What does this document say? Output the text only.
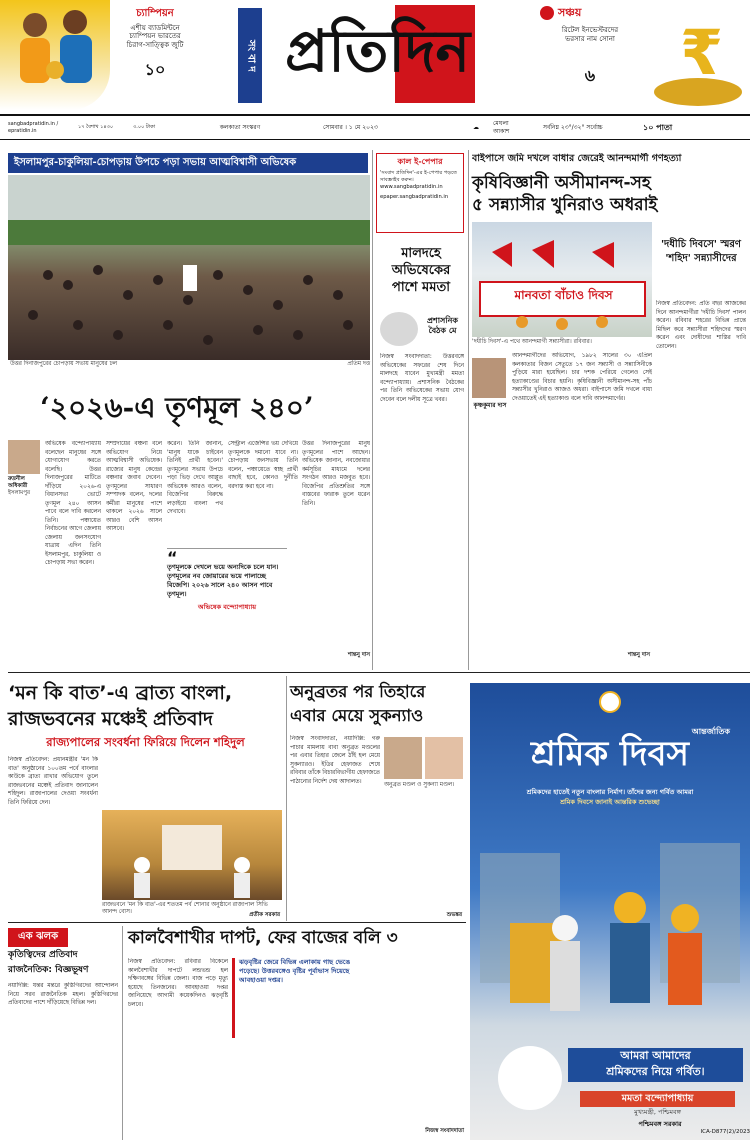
চ্যাম্পিয়ন
এশীয় ব্যাডমিন্টনে
চ্যাম্পিয়ন ভারতের
চিরাগ-সাত্ত্বিক জুটি
১০	সং বা দ প্রতিদিন
সঞ্চয়
রিটেল ইনভেস্টরদের
ভরসার নাম সোনা
৬	₹
sangbadpratidin.in / epratidin.in
১৭ বৈশাখ ১৪৩০	৩.০০ টাকা	কলকাতা সংস্করণ	সোমবার । ১ মে ২০২৩	☁
মেঘলা আকাশ
সর্বনিম্ন ২৩°/৩২° সর্বোচ্চ	১০ পাতা
ইসলামপুর-চাকুলিয়া-চোপড়ায় উপচে পড়া সভায় আত্মবিশ্বাসী অভিষেক
উত্তর দিনাজপুরের চোপড়ায় সভায় মানুষের ঢল	প্রতিম দত্ত
‘২০২৬-এ তৃণমূল ২৪০’
রুদ্রনীল অধিকারী
ইসলামপুর
অভিষেক বন্দ্যোপাধ্যায় বলেছেন মানুষের সঙ্গে যোগাযোগ করতে বলেছি। উত্তর দিনাজপুরের মাটিতে দাঁড়িয়ে ২০২৬-এ বিধানসভা ভোটে তৃণমূল ২৪০ আসন পাবে বলে দাবি করলেন তিনি। পঞ্চায়েত নির্বাচনের আগে জেলায় জেলায় জনসংযোগ যাত্রায় এদিন তিনি ইসলামপুর, চাকুলিয়া ও চোপড়ায় সভা করেন।
সম্প্রদায়ের বঞ্চনা বলে অভিযোগ নিয়ে আত্মবিশ্বাসী অভিষেক। রাজ্যের মানুষ কেন্দ্রের বঞ্চনার জবাব দেবেন। তৃণমূলের সাধারণ সম্পাদক বলেন, দলের কর্মীরা মানুষের পাশে থাকলে ২০২৬ সালে আরও বেশি আসন আসবে।
করেন। তিনি জানান, 'মানুষ যাকে চাইবেন তিনিই প্রার্থী হবেন।' তৃণমূলের সভায় উপচে পড়া ভিড় দেখে আপ্লুত অভিষেক আরও বলেন, বিজেপির বিরুদ্ধে লড়াইয়ে বাংলা পথ দেখাবে।
সেন্ট্রাল এজেন্সির ভয় দেখিয়ে তৃণমূলকে দমানো যাবে না। চোপড়ায় জনসভায় তিনি বলেন, পঞ্চায়েতে স্বচ্ছ প্রার্থী বাছাই হবে, কোনও দুর্নীতি বরদাস্ত করা হবে না।
উত্তর দিনাজপুরের মানুষ তৃণমূলের পাশে আছেন। অভিষেক জানান, নবজোয়ার কর্মসূচির মাধ্যমে দলের সংগঠন আরও মজবুত হবে। বিজেপির প্রতিশ্রুতির সঙ্গে বাস্তবের ফারাক তুলে ধরেন তিনি।
“
তৃণমূলকে দেখলে ভয়ে অন্যদিকে চলে যান। তৃণমূলের নব জোয়ারের ভয়ে পালাচ্ছে বিজেপি। ২০২৬ সালে ২৪০ আসন পাবে তৃণমূল।
অভিষেক বন্দ্যোপাধ্যায়
শান্তনু দাস
কাল ই-পেপার
'সংবাদ প্রতিদিন'-এর ই-পেপার পড়তে সাবস্ক্রাইব করুন। www.sangbadpratidin.in
epaper.sangbadpratidin.in
মালদহে অভিষেকের পাশে মমতা
প্রশাসনিক বৈঠক মে
নিজস্ব সংবাদদাতা: উত্তরবঙ্গে অভিষেকের সফরের শেষ দিনে মালদহে যাবেন মুখ্যমন্ত্রী মমতা বন্দ্যোপাধ্যায়। প্রশাসনিক বৈঠকের পর তিনি অভিষেকের সভায় যোগ দেবেন বলে দলীয় সূত্রে খবর।
বাইপাসে জমি দখলে বাধার জেরেই আনন্দমার্গী গণহত্যা
কৃষিবিজ্ঞানী অসীমানন্দ-সহ
৫ সন্ন্যাসীর খুনিরাও অধরাই
মানবতা বাঁচাও দিবস
'দধীচি দিবস'-এ পথে আনন্দমার্গী সন্ন্যাসীরা। রবিবার।
'দধীচি দিবসে' স্মরণ 'শহিদ' সন্ন্যাসীদের
নিজস্ব প্রতিবেদন: প্রতি বছর আজকের দিনে আনন্দমার্গীরা 'দধীচি দিবস' পালন করেন। রবিবার শহরের বিভিন্ন প্রান্তে মিছিল করে সন্ন্যাসীরা শহিদদের স্মরণ করেন এবং দোষীদের শাস্তির দাবি তোলেন।
কৃষ্ণকুমার দাস
আনন্দমার্গীদের অভিযোগ, ১৯৮২ সালের ৩০ এপ্রিল কলকাতার বিজন সেতুতে ১৭ জন সন্ন্যাসী ও সন্ন্যাসিনীকে পুড়িয়ে মারা হয়েছিল। চার দশক পেরিয়ে গেলেও সেই হত্যাকাণ্ডের বিচার হয়নি। কৃষিবিজ্ঞানী অসীমানন্দ-সহ পাঁচ সন্ন্যাসীর খুনিরাও আজও অধরা। বাইপাসে জমি দখলে বাধা দেওয়াতেই এই হত্যাকাণ্ড বলে দাবি আনন্দমার্গের।
শান্তনু দাস
‘মন কি বাত’-এ ব্রাত্য বাংলা,
রাজভবনের মঞ্চেই প্রতিবাদ
রাজ্যপালের সংবর্ধনা ফিরিয়ে দিলেন শহিদুল
নিজস্ব প্রতিবেদন: প্রধানমন্ত্রীর 'মন কি বাত' অনুষ্ঠানের ১০০তম পর্বে বাংলার কাউকে ব্রাত্য রাখার অভিযোগ তুলে রাজভবনের মঞ্চেই প্রতিবাদ জানালেন শহিদুল। রাজ্যপালের দেওয়া সংবর্ধনা তিনি ফিরিয়ে দেন।
রাজভবনে 'মন কি বাত'-এর শততম পর্ব শোনার অনুষ্ঠানে রাজ্যপাল সিভি আনন্দ বোস।	প্রতীক সরকার
অনুব্রতর পর তিহারে
এবার মেয়ে সুকন্যাও
নিজস্ব সংবাদদাতা, নয়াদিল্লি: গরু পাচার মামলায় বাবা অনুব্রত মণ্ডলের পর এবার তিহার জেলে ঠাঁই হল মেয়ে সুকন্যারও। ইডির হেফাজত শেষে রবিবার তাঁকে বিচারবিভাগীয় হেফাজতে পাঠানোর নির্দেশ দেয় আদালত।
অনুব্রত মণ্ডল ও সুকন্যা মণ্ডল।
শুভঙ্কর
এক ঝলক
কৃতিত্বিদের প্রতিবাদ
রাজনৈতিক: বিজ্ঞভূষণ
নয়াদিল্লি: যন্তর মন্তরে কুস্তিগিরদের আন্দোলন নিয়ে সরব রাজনৈতিক মহল। কুস্তিগিরদের প্রতিবাদের পাশে দাঁড়িয়েছে বিভিন্ন দল।
কালবৈশাখীর দাপট, ফের বাজের বলি ৩
নিজস্ব প্রতিবেদন: রবিবার বিকেলে কালবৈশাখীর দাপটে লন্ডভন্ড হল দক্ষিণবঙ্গের বিভিন্ন জেলা। বাজ পড়ে মৃত্যু হয়েছে তিনজনের। আবহাওয়া দপ্তর জানিয়েছে আগামী কয়েকদিনও ঝড়বৃষ্টি চলবে।
ঝড়বৃষ্টির জেরে বিভিন্ন এলাকায় গাছ ভেঙে পড়েছে। উত্তরবঙ্গেও বৃষ্টির পূর্বাভাস দিয়েছে আবহাওয়া দপ্তর।
নিজস্ব সংবাদদাতা
আন্তর্জাতিক
শ্রমিক দিবস
শ্রমিকদের হাতেই নতুন বাংলার নির্মাণ। তাঁদের জন্য গর্বিত আমরা
শ্রমিক দিবসে জানাই আন্তরিক শুভেচ্ছা
আমরা আমাদের
শ্রমিকদের নিয়ে গর্বিত।
মমতা বন্দ্যোপাধ্যায়
মুখ্যমন্ত্রী, পশ্চিমবঙ্গ
পশ্চিমবঙ্গ সরকার
ICA-D877(2)/2023
